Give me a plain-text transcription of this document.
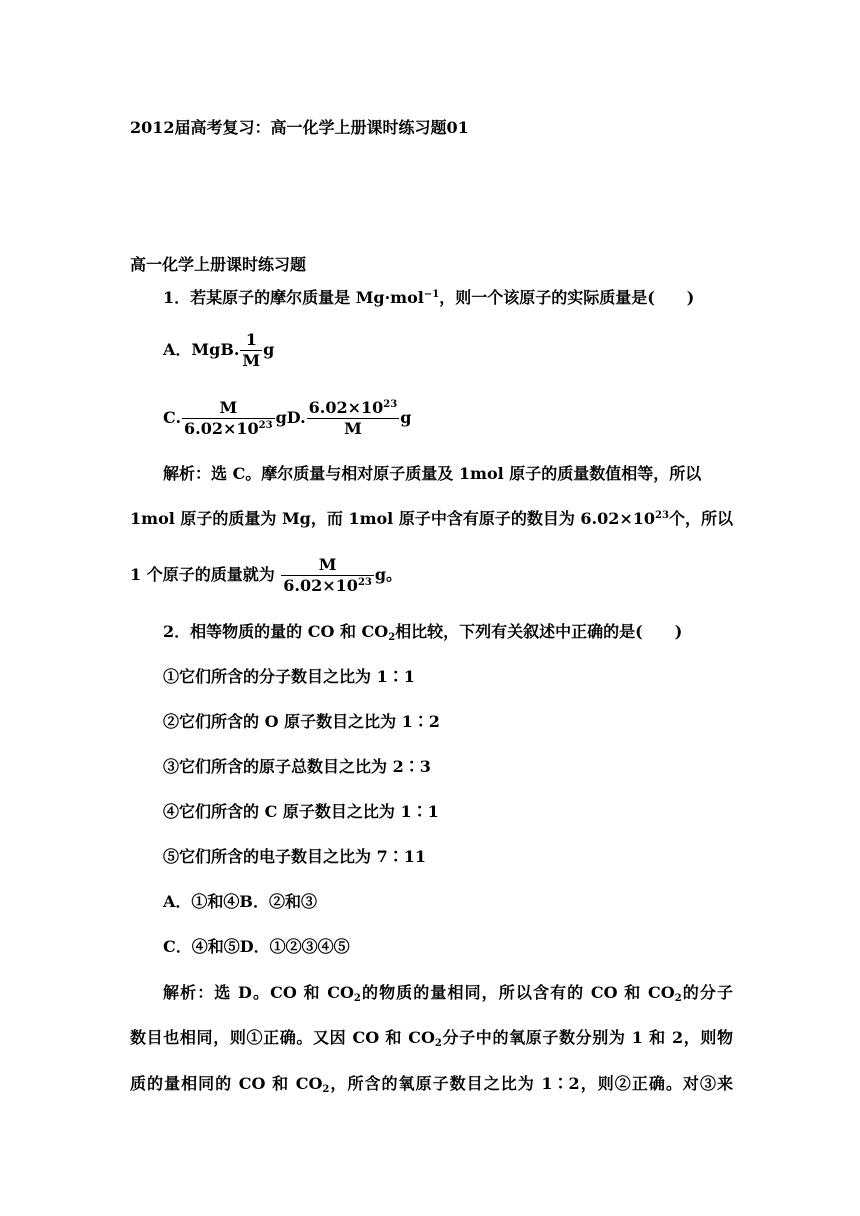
2012届高考复习：高一化学上册课时练习题01
高一化学上册课时练习题
1．若某原子的摩尔质量是 Mg·mol$^{-1}$，则一个该原子的实际质量是(　　)
A．MgB. $\frac{1}{M}$ g
C. $\frac{M}{6.02\times 10^{23}}$ gD. $\frac{6.02\times 10^{23}}{M}$ g
解析：选 C。摩尔质量与相对原子质量及 1mol 原子的质量数值相等，所以
1mol 原子的质量为 Mg，而 1mol 原子中含有原子的数目为 $6.02\times 10^{23}$个，所以
1 个原子的质量就为 $\frac{M}{6.02\times 10^{23}}$ g。
2．相等物质的量的 CO 和 $CO_2$相比较，下列有关叙述中正确的是(　　)
①它们所含的分子数目之比为 1∶1
②它们所含的 O 原子数目之比为 1∶2
③它们所含的原子总数目之比为 2∶3
④它们所含的 C 原子数目之比为 1∶1
⑤它们所含的电子数目之比为 7∶11
A．①和④B．②和③
C．④和⑤D．①②③④⑤
解析：选 D。CO 和 $CO_2$的物质的量相同，所以含有的 CO 和 $CO_2$的分子
数目也相同，则①正确。又因 CO 和 $CO_2$分子中的氧原子数分别为 1 和 2，则物
质的量相同的 CO 和 $CO_2$，所含的氧原子数目之比为 1∶2，则②正确。对③来
